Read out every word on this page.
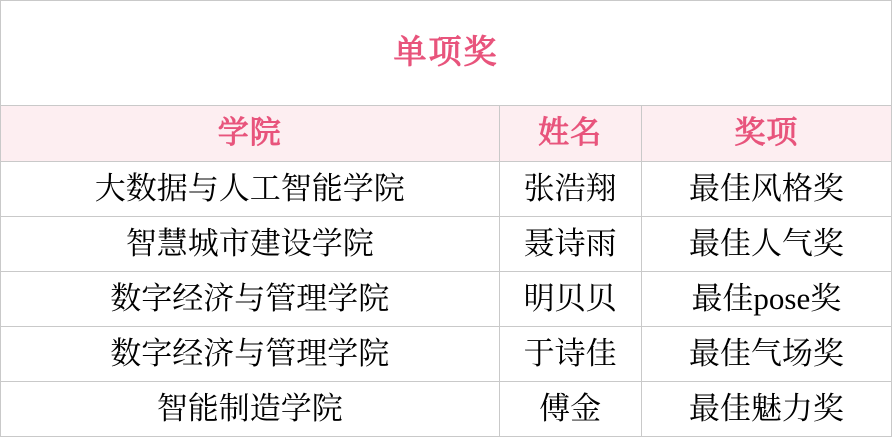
单项奖		

学院	姓名	奖项

大数据与人工智能学院	张浩翔	最佳风格奖

智慧城市建设学院	聂诗雨	最佳人气奖

数字经济与管理学院	明贝贝	最佳pose奖

数字经济与管理学院	于诗佳	最佳气场奖

智能制造学院	傅金	最佳魅力奖
